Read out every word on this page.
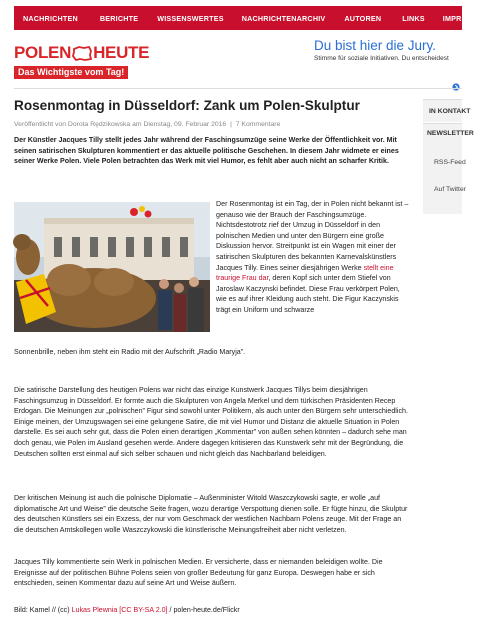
NACHRICHTEN	BERICHTE	WISSENSWERTES	NACHRICHTENARCHIV	AUTOREN	LINKS	IMPRESSUM
POLEN HEUTE
Das Wichtigste vom Tag!
Du bist hier die Jury.
Stimme für soziale Initiativen. Du entscheidest
Rosenmontag in Düsseldorf: Zank um Polen-Skulptur
Veröffentlicht von Dorota Rędzikowska am Dienstag, 09. Februar 2016 | 7 Kommentare
Der Künstler Jacques Tilly stellt jedes Jahr während der Faschingsumzüge seine Werke der Öffentlichkeit vor. Mit seinen satirischen Skulpturen kommentiert er das aktuelle politische Geschehen. In diesem Jahr widmete er eines seiner Werke Polen. Viele Polen betrachten das Werk mit viel Humor, es fehlt aber auch nicht an scharfer Kritik.
Der Rosenmontag ist ein Tag, der in Polen nicht bekannt ist – genauso wie der Brauch der Faschingsumzüge. Nichtsdestotrotz rief der Umzug in Düsseldorf in den polnischen Medien und unter den Bürgern eine große Diskussion hervor. Streitpunkt ist ein Wagen mit einer der satirischen Skulpturen des bekannten Karnevalskünstlers Jacques Tilly. Eines seiner diesjährigen Werke stellt eine traurige Frau dar, deren Kopf sich unter dem Stiefel von Jaroslaw Kaczynski befindet. Diese Frau verkörpert Polen, wie es auf ihrer Kleidung auch steht. Die Figur Kaczynskis trägt ein Uniform und schwarze
Sonnenbrille, neben ihm steht ein Radio mit der Aufschrift „Radio Maryja”.
Die satirische Darstellung des heutigen Polens war nicht das einzige Kunstwerk Jacques Tillys beim diesjährigen Faschingsumzug in Düsseldorf. Er formte auch die Skulpturen von Angela Merkel und dem türkischen Präsidenten Recep Erdogan. Die Meinungen zur „polnischen” Figur sind sowohl unter Politikern, als auch unter den Bürgern sehr unterschiedlich. Einige meinen, der Umzugswagen sei eine gelungene Satire, die mit viel Humor und Distanz die aktuelle Situation in Polen darstelle. Es sei auch sehr gut, dass die Polen einen derartigen „Kommentar” von außen sehen könnten – dadurch sehe man doch genau, wie Polen im Ausland gesehen werde. Andere dagegen kritisieren das Kunstwerk sehr mit der Begründung, die Deutschen sollten erst einmal auf sich selber schauen und nicht gleich das Nachbarland beleidigen.
Der kritischen Meinung ist auch die polnische Diplomatie – Außenminister Witold Waszczykowski sagte, er wolle „auf diplomatische Art und Weise” die deutsche Seite fragen, wozu derartige Verspottung dienen solle. Er fügte hinzu, die Skulptur des deutschen Künstlers sei ein Exzess, der nur vom Geschmack der westlichen Nachbarn Polens zeuge. Mit der Frage an die deutschen Amtskollegen wolle Waszczykowski die künstlerische Meinungsfreiheit aber nicht verletzen.
Jacques Tilly kommentierte sein Werk in polnischen Medien. Er versicherte, dass er niemanden beleidigen wollte. Die Ereignisse auf der politischen Bühne Polens seien von großer Bedeutung für ganz Europa. Deswegen habe er sich entschieden, seinen Kommentar dazu auf seine Art und Weise äußern.
Bild: Kamel // (cc) Lukas Plewnia [CC BY-SA 2.0] / polen-heute.de/Flickr
IN KONTAKT
NEWSLETTER
RSS-Feed
Auf Twitter
